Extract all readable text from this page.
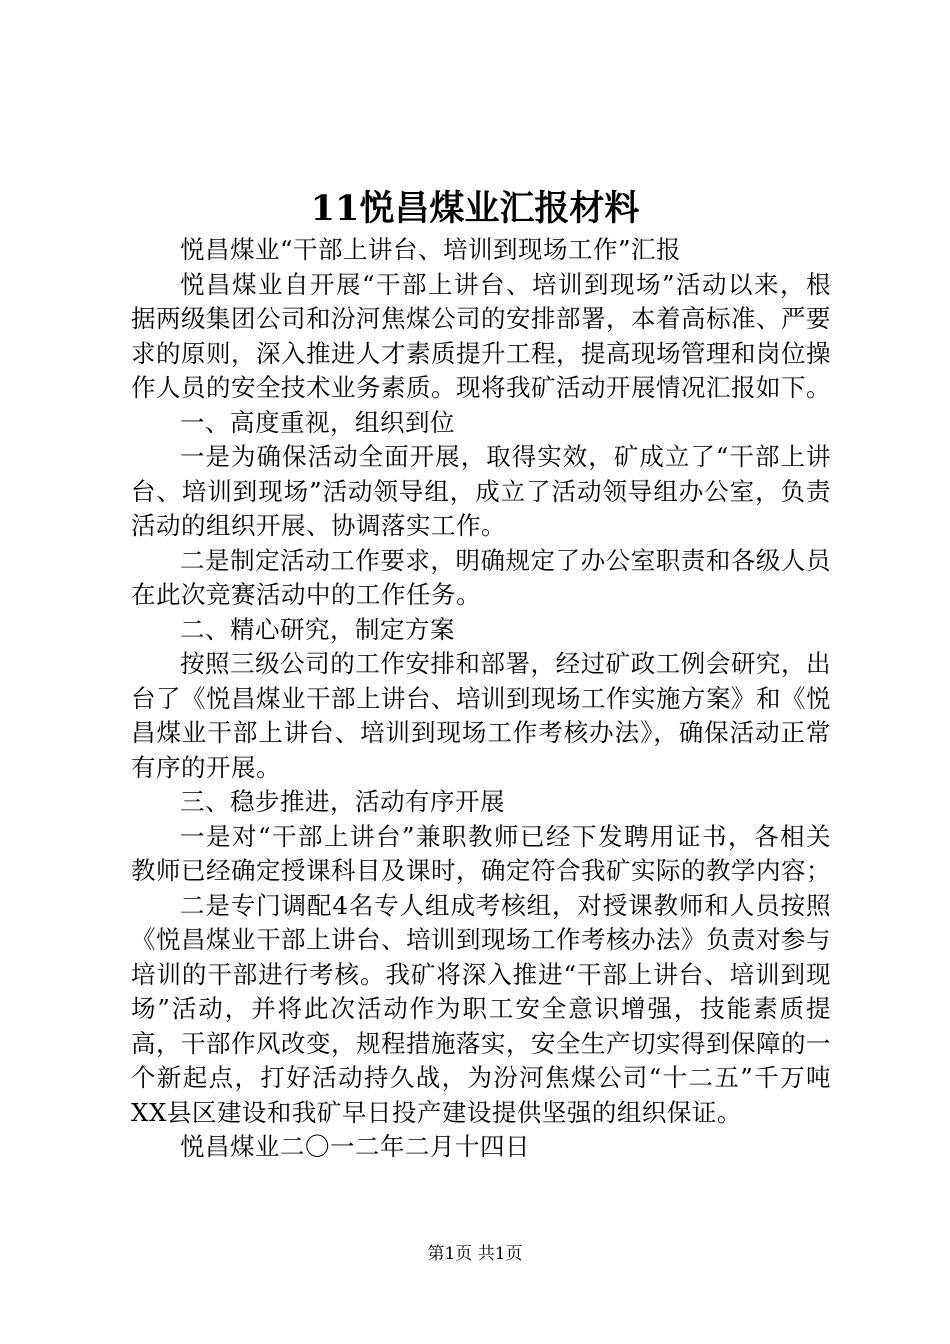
11悦昌煤业汇报材料

悦昌煤业“干部上讲台、培训到现场工作”汇报

悦昌煤业自开展“干部上讲台、培训到现场”活动以来，根据两级集团公司和汾河焦煤公司的安排部署，本着高标准、严要求的原则，深入推进人才素质提升工程，提高现场管理和岗位操作人员的安全技术业务素质。现将我矿活动开展情况汇报如下。

一、高度重视，组织到位

一是为确保活动全面开展，取得实效，矿成立了“干部上讲台、培训到现场”活动领导组，成立了活动领导组办公室，负责活动的组织开展、协调落实工作。

二是制定活动工作要求，明确规定了办公室职责和各级人员在此次竞赛活动中的工作任务。

二、精心研究，制定方案

按照三级公司的工作安排和部署，经过矿政工例会研究，出台了《悦昌煤业干部上讲台、培训到现场工作实施方案》和《悦昌煤业干部上讲台、培训到现场工作考核办法》，确保活动正常有序的开展。

三、稳步推进，活动有序开展

一是对“干部上讲台”兼职教师已经下发聘用证书，各相关教师已经确定授课科目及课时，确定符合我矿实际的教学内容；

二是专门调配4名专人组成考核组，对授课教师和人员按照《悦昌煤业干部上讲台、培训到现场工作考核办法》负责对参与培训的干部进行考核。我矿将深入推进“干部上讲台、培训到现场”活动，并将此次活动作为职工安全意识增强，技能素质提高，干部作风改变，规程措施落实，安全生产切实得到保障的一个新起点，打好活动持久战，为汾河焦煤公司“十二五”千万吨XX县区建设和我矿早日投产建设提供坚强的组织保证。

悦昌煤业二〇一二年二月十四日

第1页 共1页
